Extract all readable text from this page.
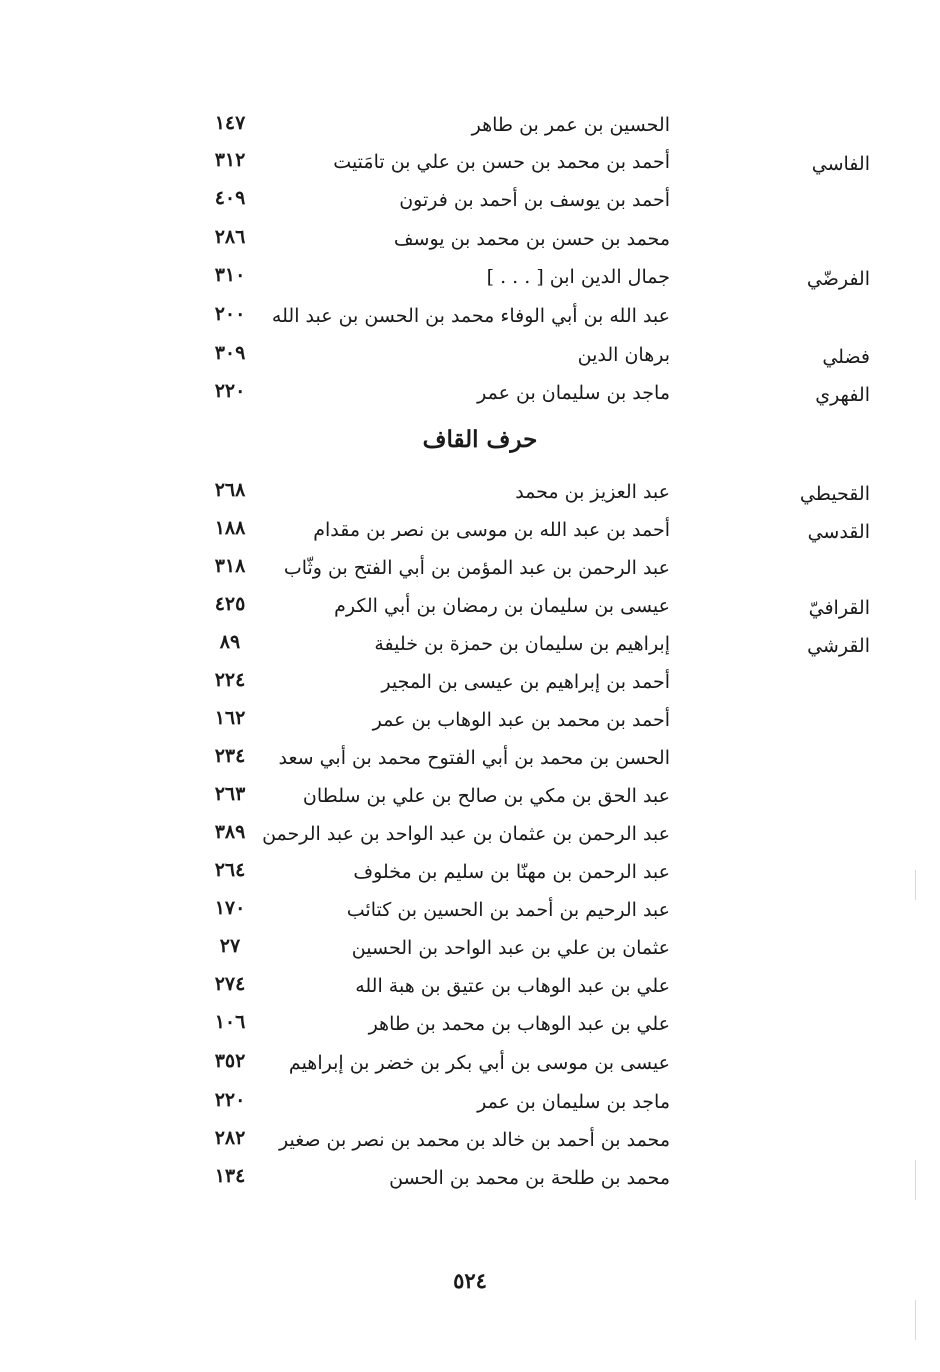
الحسين بن عمر بن طاهر
١٤٧
الفاسي
أحمد بن محمد بن حسن بن علي بن تامَتيت
٣١٢
أحمد بن يوسف بن أحمد بن فرتون
٤٠٩
محمد بن حسن بن محمد بن يوسف
٢٨٦
الفرضّي
جمال الدين ابن [ . . . ]
٣١٠
عبد الله بن أبي الوفاء محمد بن الحسن بن عبد الله
٢٠٠
فضلي
برهان الدين
٣٠٩
الفهري
ماجد بن سليمان بن عمر
٢٢٠
حرف القاف
القحيطي
عبد العزيز بن محمد
٢٦٨
القدسي
أحمد بن عبد الله بن موسى بن نصر بن مقدام
١٨٨
عبد الرحمن بن عبد المؤمن بن أبي الفتح بن وثّاب
٣١٨
القرافيّ
عيسى بن سليمان بن رمضان بن أبي الكرم
٤٢٥
القرشي
إبراهيم بن سليمان بن حمزة بن خليفة
٨٩
أحمد بن إبراهيم بن عيسى بن المجير
٢٢٤
أحمد بن محمد بن عبد الوهاب بن عمر
١٦٢
الحسن بن محمد بن أبي الفتوح محمد بن أبي سعد
٢٣٤
عبد الحق بن مكي بن صالح بن علي بن سلطان
٢٦٣
عبد الرحمن بن عثمان بن عبد الواحد بن عبد الرحمن
٣٨٩
عبد الرحمن بن مهنّا بن سليم بن مخلوف
٢٦٤
عبد الرحيم بن أحمد بن الحسين بن كتائب
١٧٠
عثمان بن علي بن عبد الواحد بن الحسين
٢٧
علي بن عبد الوهاب بن عتيق بن هبة الله
٢٧٤
علي بن عبد الوهاب بن محمد بن طاهر
١٠٦
عيسى بن موسى بن أبي بكر بن خضر بن إبراهيم
٣٥٢
ماجد بن سليمان بن عمر
٢٢٠
محمد بن أحمد بن خالد بن محمد بن نصر بن صغير
٢٨٢
محمد بن طلحة بن محمد بن الحسن
١٣٤
٥٢٤
